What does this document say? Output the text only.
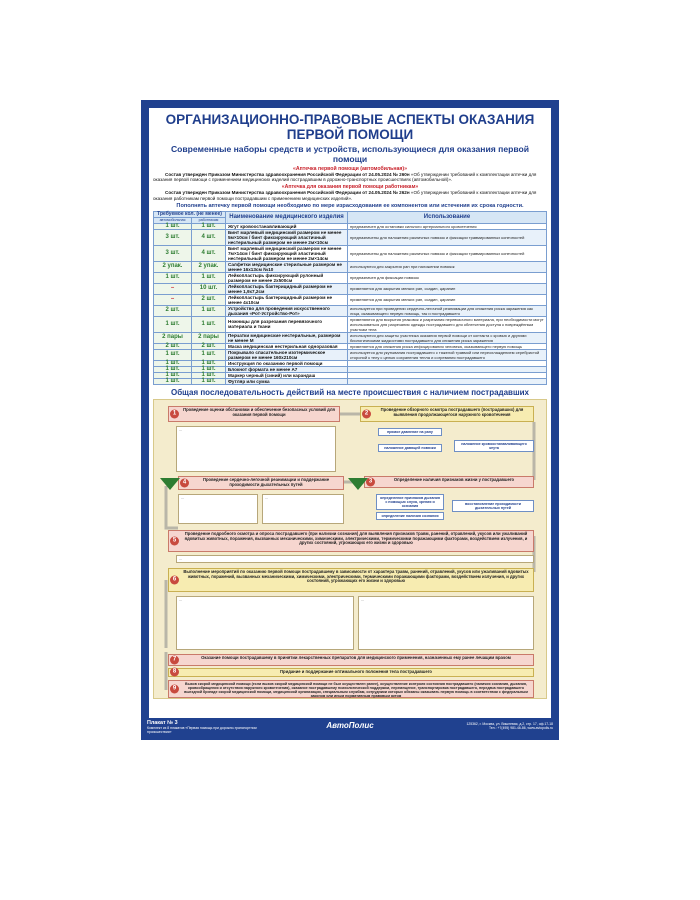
ОРГАНИЗАЦИОННО-ПРАВОВЫЕ АСПЕКТЫ ОКАЗАНИЯ ПЕРВОЙ ПОМОЩИ
Современные наборы средств и устройств, использующиеся для оказания первой помощи
«Аптечка первой помощи (автомобильная)»
Состав утвержден Приказом Министерства здравоохранения Российской Федерации от 24.05.2024 № 260н «Об утверждении требований к комплектации аптечки для оказания первой помощи с применением медицинских изделий пострадавшим в дорожно-транспортных происшествиях (автомобильной)».
«Аптечка для оказания первой помощи работникам»
Состав утвержден Приказом Министерства здравоохранения Российской Федерации от 24.05.2024 № 262н «Об утверждении требований к комплектации аптечки для оказания работникам первой помощи пострадавшим с применением медицинских изделий».
Пополнять аптечку первой помощи необходимо по мере израсходования ее компонентов или истечения их срока годности.
Требуемое кол. (не менее)		Наименование медицинского изделия	Использование
автомобильная	работникам		
1 шт.	1 шт.	Жгут кровоостанавливающий	предназначен для остановки сильного артериального кровотечения
3 шт.	4 шт.	Бинт марлевый медицинский размером не менее 5м×10см / бинт фиксирующий эластичный нестерильный размером не менее 2м×10см	предназначены для наложения различных повязок и фиксации травмированных конечностей
3 шт.	4 шт.	Бинт марлевый медицинский размером не менее 7м×14см / бинт фиксирующий эластичный нестерильный размером не менее 2м×14см	предназначены для наложения различных повязок и фиксации травмированных конечностей
2 упак.	2 упак.	Салфетки медицинские стерильные размером не менее 16х13см №10	используются для закрытия ран при наложении повязок
1 шт.	1 шт.	Лейкопластырь фиксирующий рулонный размером не менее 2х500см	предназначен для фиксации повязок
–	10 шт.	Лейкопластырь бактерицидный размером не менее 1,9х7,2см	применяется для закрытия мелких ран, ссадин, царапин
–	2 шт.	Лейкопластырь бактерицидный размером не менее 4х10см	применяется для закрытия мелких ран, ссадин, царапин
2 шт.	1 шт.	Устройство для проведения искусственного дыхания «Рот-Устройство-Рот»	используется при проведении сердечно-легочной реанимации для снижения риска заражения как лица, оказывающего первую помощь, так и пострадавшего
1 шт.	1 шт.	Ножницы для разрезания перевязочного материала и ткани	применяются для вскрытия упаковок и разрезания перевязочного материала, при необходимости могут использоваться для разрезания одежды пострадавшего для облегчения доступа к повреждённым участкам тела
2 пары	2 пары	Перчатки медицинские нестерильные, размером не менее M	используются для защиты участника оказания первой помощи от контакта с кровью и другими биологическими жидкостями пострадавшего для снижения риска заражения
2 шт.	2 шт.	Маска медицинская нестерильная одноразовая	применяется для снижения риска инфицирования человека, оказывающего первую помощь
1 шт.	1 шт.	Покрывало спасательное изотермическое размером не менее 160х210см	используется для укутывания пострадавшего с тяжелой травмой или переохлаждением серебристой стороной к телу с целью сохранения тепла и согревания пострадавшего
1 шт.	1 шт.	Инструкция по оказанию первой помощи	
1 шт.	1 шт.	Блокнот формата не менее A7	
1 шт.	1 шт.	Маркер черный (синий) или карандаш	
1 шт.	1 шт.	Футляр или сумка	
Общая последовательность действий на месте происшествия с наличием пострадавших
1
Проведение оценки обстановки и обеспечение безопасных условий для оказания первой помощи	2
Проведение обзорного осмотра пострадавшего (пострадавших) для выявления продолжающегося наружного кровотечения
…	прямое давление на рану
наложение давящей повязки
наложение кровоостанавливающего жгута
4	Проведение сердечно-легочной реанимации и поддержание проходимости дыхательных путей	3	Определение наличия признаков жизни у пострадавшего
…	…	определение признаков дыхания с помощью слуха, зрения и осязания
определение наличия сознания
восстановление проходимости дыхательных путей
5
Проведение подробного осмотра и опроса пострадавшего (при наличии сознания) для выявления признаков травм, ранений, отравлений, укусов или ужаливаний ядовитых животных, поражения, вызванных механическими, химическими, электрическими, термическими поражающими факторами, воздействием излучения, и других состояний, угрожающих его жизни и здоровью
…
6
Выполнение мероприятий по оказанию первой помощи пострадавшему в зависимости от характера травм, ранений, отравлений, укусов или ужаливаний ядовитых животных, поражений, вызванных механическими, химическими, электрическими, термическими поражающими факторами, воздействием излучения, и других состояний, угрожающих его жизни и здоровью
…	…
7	Оказание помощи пострадавшему в принятии лекарственных препаратов для медицинского применения, назначенных ему ранее лечащим врачом
8	Придание и поддержание оптимального положения тела пострадавшего
9
Вызов скорой медицинской помощи (если вызов скорой медицинской помощи не был осуществлен ранее), осуществление контроля состояния пострадавшего (наличия сознания, дыхания, кровообращения и отсутствия наружного кровотечения), оказание пострадавшему психологической поддержки, перемещение, транспортировка пострадавшего, передача пострадавшего выездной бригаде скорой медицинской помощи, медицинской организации, специальным службам, сотрудники которых обязаны оказывать первую помощь в соответствии с федеральным законом или иным нормативным правовым актом
Плакат № 3
Комплект из 8 плакатов «Первая помощь при дорожно-транспортном происшествии»
АвтоПолис	125362, г. Москва, ул. Вишневая, д.2, стр. 17, оф.17-18
Тел.: +7(495) 981-46-86, www.avtopolis.ru
